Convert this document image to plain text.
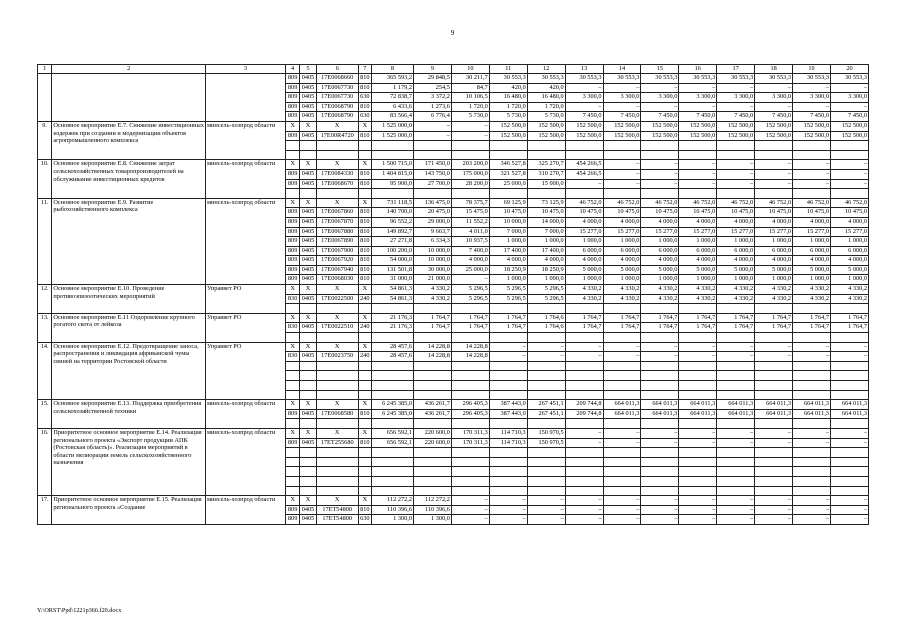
9
1	2	3	4	5	6	7	8	9	10	11	12	13	14	15	16	17	18	19	20
			809	0405	17Е0068660	810	365 593,2	29 848,5	30 211,7	30 553,3	30 553,3	30 553,3	30 553,3	30 553,3	30 553,3	30 553,3	30 553,3	30 553,3	30 553,3
			809	0405	17Е0067730	810	1 179,2	254,5	84,7	420,0	420,0	–	–	–	–	–	–	–	–
			809	0405	17Е0067730	630	72 838,7	3 372,2	10 106,5	16 480,0	16 480,0	3 300,0	3 300,0	3 300,0	3 300,0	3 300,0	3 300,0	3 300,0	3 300,0
			809	0405	17Е0068790	810	6 433,6	1 273,6	1 720,0	1 720,0	1 720,0	–	–	–	–	–	–	–	–
			809	0405	17Е0068790	630	83 566,4	6 776,4	5 730,0	5 730,0	5 730,0	7 450,0	7 450,0	7 450,0	7 450,0	7 450,0	7 450,0	7 450,0	7 450,0
9.	Основное мероприятие Е.7. Снижение инвестиционных издержек при создании и модернизации объектов агропромышленного комплекса	минсель-хозпрод области	Х	Х	Х	Х	1 525 000,0	–	–	152 500,0	152 500,0	152 500,0	152 500,0	152 500,0	152 500,0	152 500,0	152 500,0	152 500,0	152 500,0
			809	0405	17Е00R4720	810	1 525 000,0	–	–	152 500,0	152 500,0	152 500,0	152 500,0	152 500,0	152 500,0	152 500,0	152 500,0	152 500,0	152 500,0

10.	Основное мероприятие Е.8. Снижение затрат сельскохозяйственных товаропроизводителей на обслуживание инвестиционных кредитов	минсель-хозпрод области	Х	Х	Х	Х	1 500 715,0	171 450,0	203 200,0	346 527,8	325 270,7	454 266,5	–	–	–	–	–	–	–
			809	0405	17Е0084330	810	1 404 815,0	143 750,0	175 000,0	321 527,8	310 270,7	454 266,5	–	–	–	–	–	–	–
			809	0405	17Е0068670	810	95 900,0	27 700,0	28 200,0	25 000,0	15 000,0	–	–	–	–	–	–	–	–

11.	Основное мероприятие Е.9. Развитие рыбохозяйственного комплекса	минсель-хозпрод области	Х	Х	Х	Х	731 118,5	136 475,0	78 375,7	69 125,9	73 125,9	46 752,0	46 752,0	46 752,0	46 752,0	46 752,0	46 752,0	46 752,0	46 752,0
			809	0405	17Е0067860	810	140 700,0	20 475,0	15 475,0	10 475,0	10 475,0	10 475,0	10 475,0	10 475,0	10 475,0	10 475,0	10 475,0	10 475,0	10 475,0
			809	0405	17Е0067870	810	96 552,2	29 000,0	11 552,2	10 000,0	14 000,0	4 000,0	4 000,0	4 000,0	4 000,0	4 000,0	4 000,0	4 000,0	4 000,0
			809	0405	17Е0067880	810	149 892,7	9 663,7	4 011,0	7 000,0	7 000,0	15 277,0	15 277,0	15 277,0	15 277,0	15 277,0	15 277,0	15 277,0	15 277,0
			809	0405	17Е0067890	810	27 271,8	6 334,3	10 937,5	1 000,0	1 000,0	1 000,0	1 000,0	1 000,0	1 000,0	1 000,0	1 000,0	1 000,0	1 000,0
			809	0405	17Е0067900	810	100 200,0	10 000,0	7 400,0	17 400,0	17 400,0	6 000,0	6 000,0	6 000,0	6 000,0	6 000,0	6 000,0	6 000,0	6 000,0
			809	0405	17Е0067920	810	54 000,0	10 000,0	4 000,0	4 000,0	4 000,0	4 000,0	4 000,0	4 000,0	4 000,0	4 000,0	4 000,0	4 000,0	4 000,0
			809	0405	17Е0067940	810	131 501,8	30 000,0	25 000,0	18 250,9	18 250,9	5 000,0	5 000,0	5 000,0	5 000,0	5 000,0	5 000,0	5 000,0	5 000,0
			809	0405	17Е0068030	810	31 000,0	21 000,0	–	1 000,0	1 000,0	1 000,0	1 000,0	1 000,0	1 000,0	1 000,0	1 000,0	1 000,0	1 000,0
12.	Основное мероприятие Е.10. Проведение противоэпизоотических мероприятий	Управвет РО	Х	Х	Х	Х	54 861,3	4 330,2	5 296,5	5 296,5	5 296,5	4 330,2	4 330,2	4 330,2	4 330,2	4 330,2	4 330,2	4 330,2	4 330,2
			830	0405	17Е0022500	240	54 861,3	4 330,2	5 296,5	5 296,5	5 296,5	4 330,2	4 330,2	4 330,2	4 330,2	4 330,2	4 330,2	4 330,2	4 330,2

13.	Основное мероприятие Е.11 Оздоровление крупного рогатого скота от лейкоза	Управвет РО	Х	Х	Х	Х	21 176,3	1 764,7	1 764,7	1 764,7	1 764,6	1 764,7	1 764,7	1 764,7	1 764,7	1 764,7	1 764,7	1 764,7	1 764,7
			830	0405	17Е0022510	240	21 176,3	1 764,7	1 764,7	1 764,7	1 764,6	1 764,7	1 764,7	1 764,7	1 764,7	1 764,7	1 764,7	1 764,7	1 764,7

14.	Основное мероприятие Е.12. Предотвращение заноса, распространения и ликвидация африканской чумы свиней на территории Ростовской области	Управвет РО	Х	Х	Х	Х	28 457,6	14 228,8	14 228,8	–	–	–	–	–	–	–	–	–	–
			830	0405	17Е0023750	240	28 457,6	14 228,8	14 228,8	–	–	–	–	–	–	–	–	–	–

15.	Основное мероприятие Е.13. Поддержка приобретения сельскохозяйственной техники	минсель-хозпрод области	Х	Х	Х	Х	6 245 385,0	436 261,7	296 405,3	387 443,0	267 451,1	209 744,8	664 011,3	664 011,3	664 011,3	664 011,3	664 011,3	664 011,3	664 011,3
			809	0405	17Е0068580	810	6 245 385,0	436 261,7	296 405,3	387 443,0	267 451,1	209 744,8	664 011,3	664 011,3	664 011,3	664 011,3	664 011,3	664 011,3	664 011,3

16.	Приоритетное основное мероприятие Е.14. Реализация регионального проекта «Экспорт продукции АПК (Ростовская область)». Реализация мероприятий в области мелиорации земель сельскохозяйственного назначения	минсель-хозпрод области	Х	Х	Х	Х	656 592,1	220 600,0	170 311,3	114 710,3	150 970,5	–	–	–	–	–	–	–	–
			809	0405	17ЕТ255680	810	656 592,1	220 600,0	170 311,3	114 710,3	150 970,5	–	–	–	–	–	–	–	–

17.	Приоритетное основное мероприятие Е.15. Реализация регионального проекта «Создание	минсель-хозпрод области	Х	Х	Х	Х	112 272,2	112 272,2	–	–	–	–	–	–	–	–	–	–	–
			809	0405	17ЕТ54800	810	110 396,6	110 396,6	–	–	–	–	–	–	–	–	–	–	–
			809	0405	17ЕТ54800	630	1 300,0	1 300,0	–	–	–	–	–	–	–	–	–	–	–
Y:\ORST\Ppd\1221p366.f20.docx
